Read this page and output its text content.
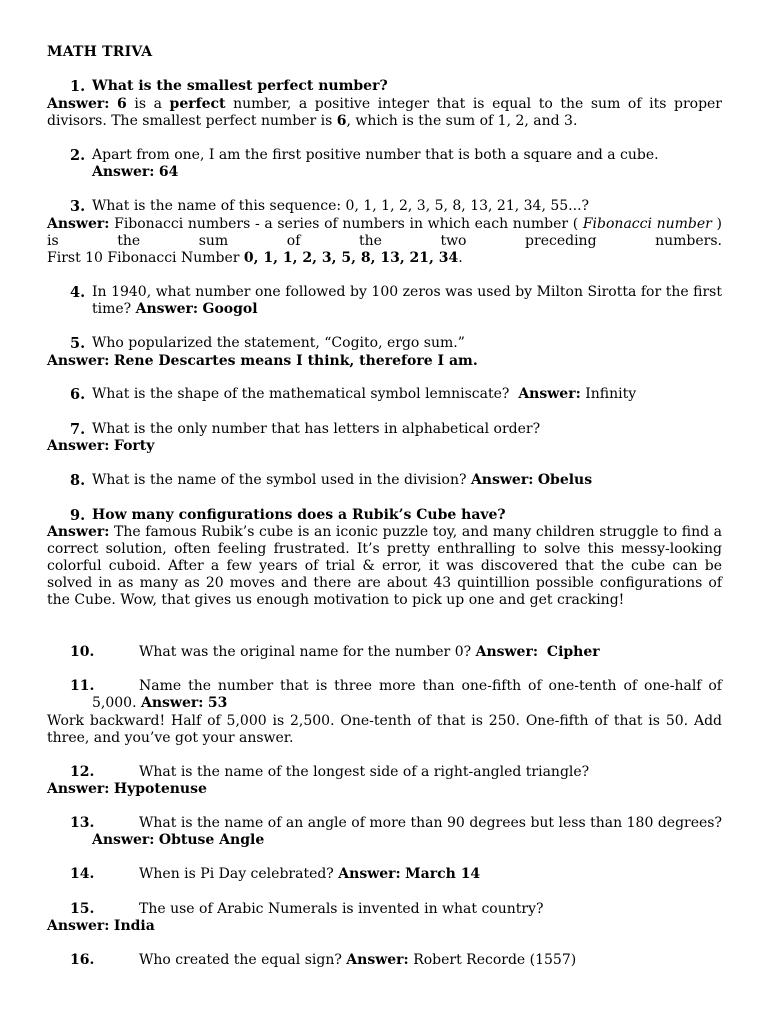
MATH TRIVA
1. What is the smallest perfect number?
Answer: 6 is a perfect number, a positive integer that is equal to the sum of its proper divisors. The smallest perfect number is 6, which is the sum of 1, 2, and 3.
2. Apart from one, I am the first positive number that is both a square and a cube.
Answer: 64
3. What is the name of this sequence: 0, 1, 1, 2, 3, 5, 8, 13, 21, 34, 55...?
Answer: Fibonacci numbers - a series of numbers in which each number ( Fibonacci number ) is the sum of the two preceding numbers.
First 10 Fibonacci Number 0, 1, 1, 2, 3, 5, 8, 13, 21, 34.
4. In 1940, what number one followed by 100 zeros was used by Milton Sirotta for the first time? Answer: Googol
5. Who popularized the statement, “Cogito, ergo sum.”
Answer: Rene Descartes means I think, therefore I am.
6. What is the shape of the mathematical symbol lemniscate? Answer: Infinity
7. What is the only number that has letters in alphabetical order?
Answer: Forty
8. What is the name of the symbol used in the division? Answer: Obelus
9. How many configurations does a Rubik’s Cube have?
Answer: The famous Rubik’s cube is an iconic puzzle toy, and many children struggle to find a correct solution, often feeling frustrated. It’s pretty enthralling to solve this messy-looking colorful cuboid. After a few years of trial & error, it was discovered that the cube can be solved in as many as 20 moves and there are about 43 quintillion possible configurations of the Cube. Wow, that gives us enough motivation to pick up one and get cracking!
10.	What was the original name for the number 0? Answer: Cipher
11.	Name the number that is three more than one-fifth of one-tenth of one-half of 5,000. Answer: 53
Work backward! Half of 5,000 is 2,500. One-tenth of that is 250. One-fifth of that is 50. Add three, and you’ve got your answer.
12.	What is the name of the longest side of a right-angled triangle?
Answer: Hypotenuse
13.	What is the name of an angle of more than 90 degrees but less than 180 degrees? Answer: Obtuse Angle
14.	When is Pi Day celebrated? Answer: March 14
15.	The use of Arabic Numerals is invented in what country?
Answer: India
16.	Who created the equal sign? Answer: Robert Recorde (1557)
